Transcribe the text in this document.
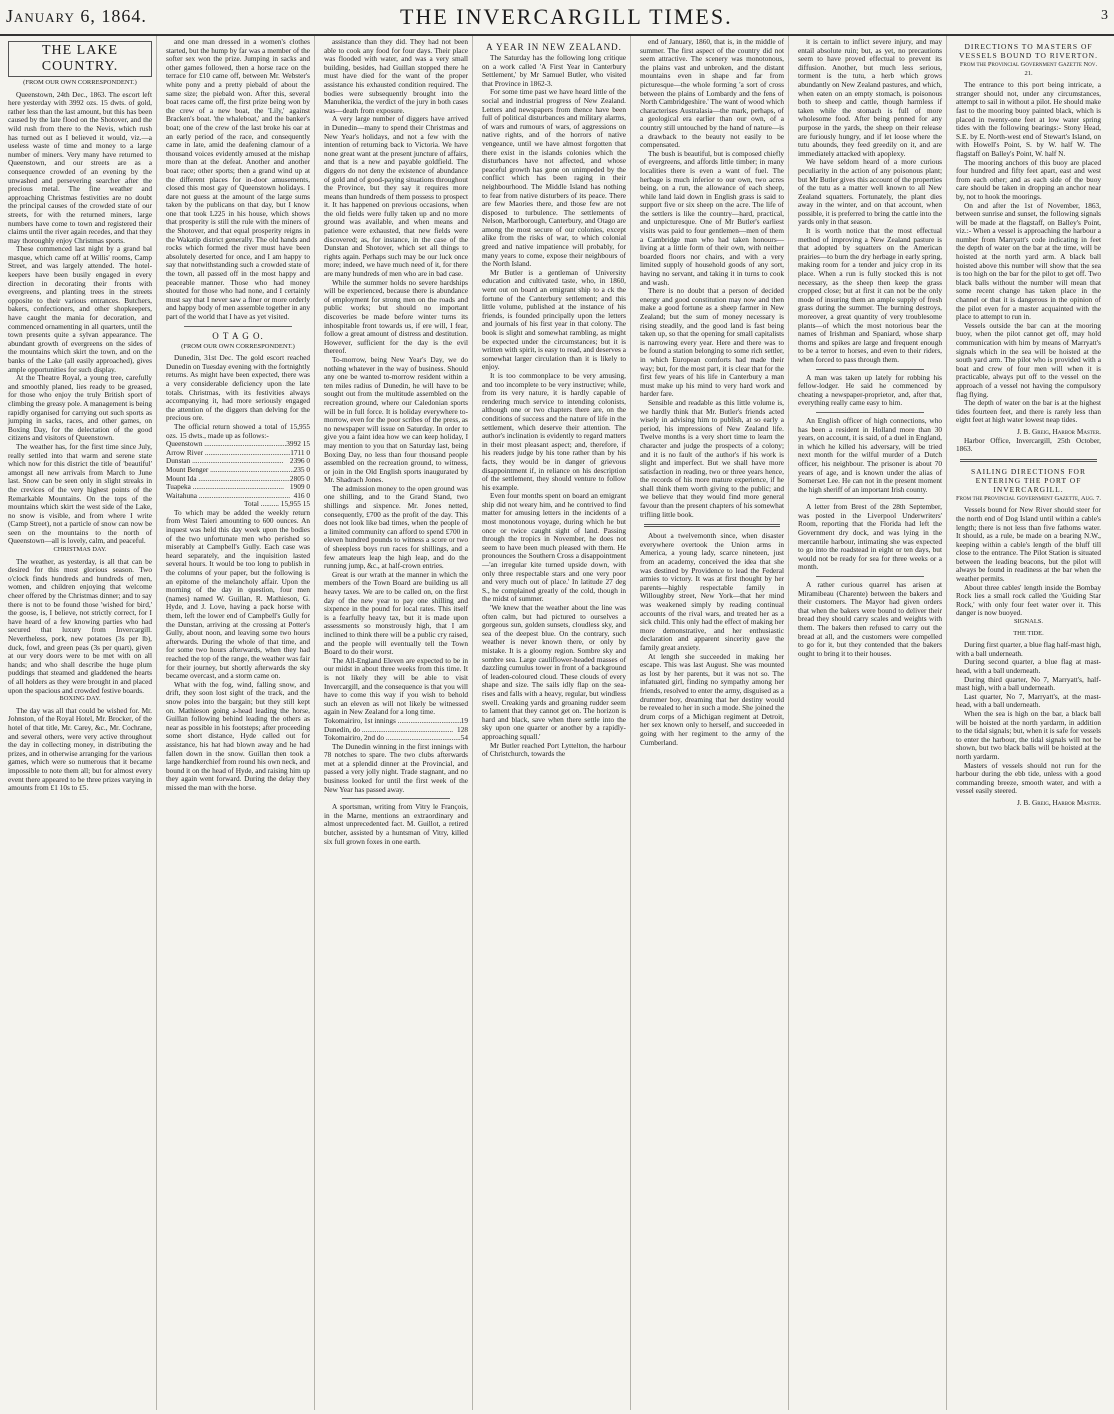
January 6, 1864.	THE INVERCARGILL TIMES.	3
THE LAKE COUNTRY.
(FROM OUR OWN CORRESPONDENT.)

Queenstown, 24th Dec., 1863. The escort left here yesterday with 3992 ozs. 15 dwts. of gold, rather less than the last amount, but this has been caused by the late flood on the Shotover, and the wild rush from there to the Nevis, which rush has turned out as I believed it would, viz.—a useless waste of time and money to a large number of miners. Very many have returned to Queenstown, and our streets are as a consequence crowded of an evening by the unwashed and persevering searcher after the precious metal. The fine weather and approaching Christmas festivities are no doubt the principal causes of the crowded state of our streets, for with the returned miners, large numbers have come to town and registered their claims until the river again recedes, and that they may thoroughly enjoy Christmas sports.

These commenced last night by a grand bal masque, which came off at Willis' rooms, Camp Street, and was largely attended. The hotel-keepers have been busily engaged in every direction in decorating their fronts with evergreens, and planting trees in the streets opposite to their various entrances. Butchers, bakers, confectioners, and other shopkeepers, have caught the mania for decoration, and commenced ornamenting in all quarters, until the town presents quite a sylvan appearance. The abundant growth of evergreens on the sides of the mountains which skirt the town, and on the banks of the Lake (all easily approached), gives ample opportunities for such display.

At the Theatre Royal, a young tree, carefully and smoothly planed, lies ready to be greased, for those who enjoy the truly British sport of climbing the greasy pole. A management is being rapidly organised for carrying out such sports as jumping in sacks, races, and other games, on Boxing Day, for the delectation of the good citizens and visitors of Queenstown.

The weather has, for the first time since July, really settled into that warm and serene state which now for this district the title of 'beautiful' amongst all new arrivals from March to June last. Snow can be seen only in slight streaks in the crevices of the very highest points of the Remarkable Mountains. On the tops of the mountains which skirt the west side of the Lake, no snow is visible, and from where I write (Camp Street), not a particle of snow can now be seen on the mountains to the north of Queenstown—all is lovely, calm, and peaceful.

CHRISTMAS DAY.

The weather, as yesterday, is all that can be desired for this most glorious season. Two o'clock finds hundreds and hundreds of men, women, and children enjoying that welcome cheer offered by the Christmas dinner; and to say there is not to be found those 'wished for bird,' the goose, is, I believe, not strictly correct, for I have heard of a few knowing parties who had secured that luxury from Invercargill. Nevertheless, pork, new potatoes (3s per lb), duck, fowl, and green peas (3s per quart), given at our very doors were to be met with on all hands; and who shall describe the huge plum puddings that steamed and gladdened the hearts of all holders as they were brought in and placed upon the spacious and crowded festive boards.

BOXING DAY.

The day was all that could be wished for. Mr. Johnston, of the Royal Hotel, Mr. Brocker, of the hotel of that title, Mr. Carey, &c., Mr. Cochrane, and several others, were very active throughout the day in collecting money, in distributing the prizes, and in otherwise arranging for the various games, which were so numerous that it became impossible to note them all; but for almost every event there appeared to be three prizes varying in amounts from £1 10s to £5.

and one man dressed in a women's clothes started, but the hump by far was a member of the softer sex won the prize. Jumping in sacks and other games followed, then a horse race on the terrace for £10 came off, between Mr. Webster's white pony and a pretty piebald of about the same size; the piebald won. After this, several boat races came off, the first prize being won by the crew of a new boat, the 'Lily,' against Bracken's boat. 'the whaleboat,' and the banker's boat; one of the crew of the last broke his oar at an early period of the race, and consequently came in late, amid the deafening clamour of a thousand voices evidently amused at the mishap more than at the defeat. Another and another boat race; other sports; then a grand wind up at the different places for in-door amusements, closed this most gay of Queenstown holidays. I dare not guess at the amount of the large sums taken by the publicans on that day, but I know one that took L225 in his house, which shows that prosperity is still the rule with the miners of the Shotover, and that equal prosperity reigns in the Wakatip district generally. The old hands and rocks which formed the river must have been absolutely deserted for once, and I am happy to say that notwithstanding such a crowded state of the town, all passed off in the most happy and peaceable manner. Those who had money shouted for those who had none, and I certainly must say that I never saw a finer or more orderly and happy body of men assemble together in any part of the world that I have as yet visited.

O T A G O.
(FROM OUR OWN CORRESPONDENT.)

Dunedin, 31st Dec. The gold escort reached Dunedin on Tuesday evening with the fortnightly returns. As might have been expected, there was a very considerable deficiency upon the late totals. Christmas, with its festivities always accompanying it, had more seriously engaged the attention of the diggers than delving for the precious ore.

The official return showed a total of 15,955 ozs. 15 dwts., made up as follows:-

Queenstown .....	3992 15
Arrow River .....	1711 0
Dunstan .....	2396 0
Mount Benger .....	235 0
Mount Ida .....	2805 0
Tuapeka .....	1909 0
Waitahuna .....	416 0
Total .......... 15,955 15

To which may be added the weekly return from West Taieri amounting to 600 ounces. An inquest was held this day week upon the bodies of the two unfortunate men who perished so miserably at Campbell's Gully. Each case was heard separately, and the inquisition lasted several hours. It would be too long to publish in the columns of your paper, but the following is an epitome of the melancholy affair. Upon the morning of the day in question, four men (names) named W. Guillan, R. Mathieson, G. Hyde, and J. Love, having a pack horse with them, left the lower end of Campbell's Gully for the Dunstan, arriving at the crossing at Potter's Gully, about noon, and leaving some two hours afterwards. During the whole of that time, and for some two hours afterwards, when they had reached the top of the range, the weather was fair for their journey, but shortly afterwards the sky became overcast, and a storm came on.

What with the fog, wind, falling snow, and drift, they soon lost sight of the track, and the snow poles into the bargain; but they still kept on. Mathieson going a-head leading the horse, Guillan following behind leading the others as near as possible in his footsteps; after proceeding some short distance, Hyde called out for assistance, his hat had blown away and he had fallen down in the snow. Guillan then took a large handkerchief from round his own neck, and bound it on the head of Hyde, and raising him up they again went forward. During the delay they missed the man with the horse.

assistance than they did. They had not been able to cook any food for four days. Their place was flooded with water, and was a very small building, besides, had Guillan stopped there he must have died for the want of the proper assistance his exhausted condition required. The bodies were subsequently brought into the Manuherikia, the verdict of the jury in both cases was—death from exposure.

A very large number of diggers have arrived in Dunedin—many to spend their Christmas and New Year's holidays, and not a few with the intention of returning back to Victoria. We have none great want at the present juncture of affairs, and that is a new and payable goldfield. The diggers do not deny the existence of abundance of gold and of good-paying situations throughout the Province, but they say it requires more means than hundreds of them possess to prospect it. It has happened on previous occasions, when the old fields were fully taken up and no more ground was available, and when means and patience were exhausted, that new fields were discovered; as, for instance, in the case of the Dunstan and Shotover, which set all things to rights again. Perhaps such may be our luck once more; indeed, we have much need of it, for there are many hundreds of men who are in bad case.

While the summer holds no severe hardships will be experienced, because there is abundance of employment for strong men on the roads and public works; but should no important discoveries be made before winter turns its inhospitable front towards us, if ere will, I fear, follow a great amount of distress and destitution. However, sufficient for the day is the evil thereof.

To-morrow, being New Year's Day, we do nothing whatever in the way of business. Should any one be wanted to-morrow resident within a ten miles radius of Dunedin, he will have to be sought out from the multitude assembled on the recreation ground, where our Caledonian sports will be in full force. It is holiday everywhere to-morrow, even for the poor scribes of the press, as no newspaper will issue on Saturday. In order to give you a faint idea how we can keep holiday, I may mention to you that on Saturday last, being Boxing Day, no less than four thousand people assembled on the recreation ground, to witness, or join in the Old English sports inaugurated by Mr. Shadrach Jones.

The admission money to the open ground was one shilling, and to the Grand Stand, two shillings and sixpence. Mr. Jones netted, consequently, £700 as the profit of the day. This does not look like bad times, when the people of a limited community can afford to spend £700 in eleven hundred pounds to witness a score or two of sheepless boys run races for shillings, and a few amateurs leap the high leap, and do the running jump, &c., at half-crown entries.

Great is our wrath at the manner in which the members of the Town Board are building us all heavy taxes. We are to be called on, on the first day of the new year to pay one shilling and sixpence in the pound for local rates. This itself is a fearfully heavy tax, but it is made upon assessments so monstrously high, that I am inclined to think there will be a public cry raised, and the people will eventually tell the Town Board to do their worst.

The All-England Eleven are expected to be in our midst in about three weeks from this time. It is not likely they will be able to visit Invercargill, and the consequence is that you will have to come this way if you wish to behold such an eleven as will not likely be witnessed again in New Zealand for a long time.

Tokomairiro, 1st innings .....	19
Dunedin, do .....	128
Tokomairiro, 2nd do .....	54

The Dunedin winning in the first innings with 78 notches to spare. The two clubs afterwards met at a splendid dinner at the Provincial, and passed a very jolly night. Trade stagnant, and no business looked for until the first week of the New Year has passed away.

A sportsman, writing from Vitry le François, in the Marne, mentions an extraordinary and almost unprecedented fact. M. Guillot, a retired butcher, assisted by a huntsman of Vitry, killed six full grown foxes in one earth.

A YEAR IN NEW ZEALAND.

The Saturday has the following long critique on a work called 'A First Year in Canterbury Settlement,' by Mr Samuel Butler, who visited that Province in 1862-3.

For some time past we have heard little of the social and industrial progress of New Zealand. Letters and newspapers from thence have been full of political disturbances and military alarms, of wars and rumours of wars, of aggressions on native rights, and of the horrors of native vengeance, until we have almost forgotten that there exist in the islands colonies which the disturbances have not affected, and whose peaceful growth has gone on unimpeded by the conflict which has been raging in their neighbourhood. The Middle Island has nothing to fear from native disturbers of its peace. There are few Maories there, and those few are not disposed to turbulence. The settlements of Nelson, Marlborough, Canterbury, and Otago are among the most secure of our colonies, except alike from the risks of war, to which colonial greed and native impatience will probably, for many years to come, expose their neighbours of the North Island.

Mr Butler is a gentleman of University education and cultivated taste, who, in 1860, went out on board an emigrant ship to a ck the fortune of the Canterbury settlement; and this little volume, published at the instance of his friends, is founded principally upon the letters and journals of his first year in that colony. The book is slight and somewhat rambling, as might be expected under the circumstances; but it is written with spirit, is easy to read, and deserves a somewhat larger circulation than it is likely to enjoy.

It is too commonplace to be very amusing, and too incomplete to be very instructive; while, from its very nature, it is hardly capable of rendering much service to intending colonists, although one or two chapters there are, on the conditions of success and the nature of life in the settlement, which deserve their attention. The author's inclination is evidently to regard matters in their most pleasant aspect; and, therefore, if his readers judge by his tone rather than by his facts, they would be in danger of grievous disappointment if, in reliance on his description of the settlement, they should venture to follow his example.

Even four months spent on board an emigrant ship did not weary him, and he contrived to find matter for amusing letters in the incidents of a most monotonous voyage, during which he but once or twice caught sight of land. Passing through the tropics in November, he does not seem to have been much pleased with them. He pronounces the Southern Cross a disappointment—'an irregular kite turned upside down, with only three respectable stars and one very poor and very much out of place.' In latitude 27 deg S., he complained greatly of the cold, though in the midst of summer.

'We knew that the weather about the line was often calm, but had pictured to ourselves a gorgeous sun, golden sunsets, cloudless sky, and sea of the deepest blue. On the contrary, such weather is never known there, or only by mistake. It is a gloomy region. Sombre sky and sombre sea. Large cauliflower-headed masses of dazzling cumulus tower in front of a background of leaden-coloured cloud. These clouds of every shape and size. The sails idly flap on the sea-rises and falls with a heavy, regular, but windless swell. Creaking yards and groaning rudder seem to lament that they cannot get on. The horizon is hard and black, save when there settle into the sky upon one quarter or another by a rapidly-approaching squall.'

Mr Butler reached Port Lyttelton, the harbour of Christchurch, towards the

end of January, 1860, that is, in the middle of summer. The first aspect of the country did not seem attractive. The scenery was monotonous, the plains vast and unbroken, and the distant mountains even in shape and far from picturesque—the whole forming 'a sort of cross between the plains of Lombardy and the fens of North Cambridgeshire.' The want of wood which characterises Australasia—the mark, perhaps, of a geological era earlier than our own, of a country still untouched by the hand of nature—is a drawback to the beauty not easily to be compensated.

The bush is beautiful, but is composed chiefly of evergreens, and affords little timber; in many localities there is even a want of fuel. The herbage is much inferior to our own, two acres being, on a run, the allowance of each sheep, while land laid down in English grass is said to support five or six sheep on the acre. The life of the settlers is like the country—hard, practical, and unpicturesque. One of Mr Butler's earliest visits was paid to four gentlemen—men of them a Cambridge man who had taken honours—living at a little form of their own, with neither boarded floors nor chairs, and with a very limited supply of household goods of any sort, having no servant, and taking it in turns to cook and wash.

There is no doubt that a person of decided energy and good constitution may now and then make a good fortune as a sheep farmer in New Zealand; but the sum of money necessary is rising steadily, and the good land is fast being taken up, so that the opening for small capitalists is narrowing every year. Here and there was to be found a station belonging to some rich settler, in which European comforts had made their way; but, for the most part, it is clear that for the first few years of his life in Canterbury a man must make up his mind to very hard work and harder fare.

Sensible and readable as this little volume is, we hardly think that Mr. Butler's friends acted wisely in advising him to publish, at so early a period, his impressions of New Zealand life. Twelve months is a very short time to learn the character and judge the prospects of a colony; and it is no fault of the author's if his work is slight and imperfect. But we shall have more satisfaction in reading, two or three years hence, the records of his more mature experience, if he shall think them worth giving to the public; and we believe that they would find more general favour than the present chapters of his somewhat trifling little book.

About a twelvemonth since, when disaster everywhere overtook the Union arms in America, a young lady, scarce nineteen, just from an academy, conceived the idea that she was destined by Providence to lead the Federal armies to victory. It was at first thought by her parents—highly respectable family in Willoughby street, New York—that her mind was weakened simply by reading continual accounts of the rival wars, and treated her as a sick child. This only had the effect of making her more demonstrative, and her enthusiastic declaration and apparent sincerity gave the family great anxiety.

At length she succeeded in making her escape. This was last August. She was mounted as lost by her parents, but it was not so. The infatuated girl, finding no sympathy among her friends, resolved to enter the army, disguised as a drummer boy, dreaming that her destiny would be revealed to her in such a mode. She joined the drum corps of a Michigan regiment at Detroit, her sex known only to herself, and succeeded in going with her regiment to the army of the Cumberland.

it is certain to inflict severe injury, and may entail absolute ruin; but, as yet, no precautions seem to have proved effectual to prevent its diffusion. Another, but much less serious, torment is the tutu, a herb which grows abundantly on New Zealand pastures, and which, when eaten on an empty stomach, is poisonous both to sheep and cattle, though harmless if taken while the stomach is full of more wholesome food. After being penned for any purpose in the yards, the sheep on their release are furiously hungry, and if let loose where the tutu abounds, they feed greedily on it, and are immediately attacked with apoplexy.

We have seldom heard of a more curious peculiarity in the action of any poisonous plant; but Mr Butler gives this account of the properties of the tutu as a matter well known to all New Zealand squatters. Fortunately, the plant dies away in the winter, and on that account, when possible, it is preferred to bring the cattle into the yards only in that season.

It is worth notice that the most effectual method of improving a New Zealand pasture is that adopted by squatters on the American prairies—to burn the dry herbage in early spring, making room for a tender and juicy crop in its place. When a run is fully stocked this is not necessary, as the sheep then keep the grass cropped close; but at first it can not be the only mode of insuring them an ample supply of fresh grass during the summer. The burning destroys, moreover, a great quantity of very troublesome plants—of which the most notorious bear the names of Irishman and Spaniard, whose sharp thorns and spikes are large and frequent enough to be a terror to horses, and even to their riders, when forced to pass through them.

A man was taken up lately for robbing his fellow-lodger. He said he commenced by cheating a newspaper-proprietor, and, after that, everything really came easy to him.

An English officer of high connections, who has been a resident in Holland more than 30 years, on account, it is said, of a duel in England, in which he killed his adversary, will be tried next month for the wilful murder of a Dutch officer, his neighbour. The prisoner is about 70 years of age, and is known under the alias of Somerset Lee. He can not in the present moment the high sheriff of an important Irish county.

A letter from Brest of the 28th September, was posted in the Liverpool Underwriters' Room, reporting that the Florida had left the Government dry dock, and was lying in the mercantile harbour, intimating she was expected to go into the roadstead in eight or ten days, but would not be ready for sea for three weeks or a month.

A rather curious quarrel has arisen at Miramibeau (Charente) between the bakers and their customers. The Mayor had given orders that when the bakers were bound to deliver their bread they should carry scales and weights with them. The bakers then refused to carry out the bread at all, and the customers were compelled to go for it, but they contended that the bakers ought to bring it to their houses.

DIRECTIONS TO MASTERS OF VESSELS BOUND TO RIVERTON.
From the Provincial Government Gazette Nov. 21.

The entrance to this port being intricate, a stranger should not, under any circumstances, attempt to sail in without a pilot. He should make fast to the mooring buoy painted black, which is placed in twenty-one feet at low water spring tides with the following bearings:- Stony Head, S.E. by E. North-west end of Stewart's Island, on with Howell's Point, S. by W. half W. The flagstaff on Balley's Point, W. half N.

The mooring anchors of this buoy are placed four hundred and fifty feet apart, east and west from each other; and as each side of the buoy care should be taken in dropping an anchor near by, not to hook the moorings.

On and after the 1st of November, 1863, between sunrise and sunset, the following signals will be made at the flagstaff, on Balley's Point, viz.:- When a vessel is approaching the harbour a number from Marryatt's code indicating in feet the depth of water on the bar at the time, will be hoisted at the north yard arm. A black ball hoisted above this number will show that the sea is too high on the bar for the pilot to get off. Two black balls without the number will mean that some recent change has taken place in the channel or that it is dangerous in the opinion of the pilot even for a master acquainted with the place to attempt to run in.

Vessels outside the bar can at the mooring buoy, when the pilot cannot get off, may hold communication with him by means of Marryatt's signals which in the sea will be hoisted at the south yard arm. The pilot who is provided with a boat and crew of four men will when it is practicable, always put off to the vessel on the approach of a vessel not having the compulsory flag flying.

The depth of water on the bar is at the highest tides fourteen feet, and there is rarely less than eight feet at high water lowest neap tides.

J. B. Greig, Harbor Master.

Harbor Office, Invercargill, 25th October, 1863.

SAILING DIRECTIONS FOR ENTERING THE PORT OF INVERCARGILL.
From the Provincial Government Gazette, Aug. 7.

Vessels bound for New River should steer for the north end of Dog Island until within a cable's length; there is not less than five fathoms water. It should, as a rule, be made on a bearing N.W., keeping within a cable's length of the bluff till close to the entrance. The Pilot Station is situated between the leading beacons, but the pilot will always be found in readiness at the bar when the weather permits.

About three cables' length inside the Bombay Rock lies a small rock called the 'Guiding Star Rock,' with only four feet water over it. This danger is now buoyed.

SIGNALS.
THE TIDE.

During first quarter, a blue flag half-mast high, with a ball underneath.

During second quarter, a blue flag at mast-head, with a ball underneath.

During third quarter, No 7, Marryatt's, half-mast high, with a ball underneath.

Last quarter, No 7, Marryatt's, at the mast-head, with a ball underneath.

When the sea is high on the bar, a black ball will be hoisted at the north yardarm, in addition to the tidal signals; but, when it is safe for vessels to enter the harbour, the tidal signals will not be shown, but two black balls will be hoisted at the north yardarm.

Masters of vessels should not run for the harbour during the ebb tide, unless with a good commanding breeze, smooth water, and with a vessel easily steered.

J. B. Greig, Harbor Master.
